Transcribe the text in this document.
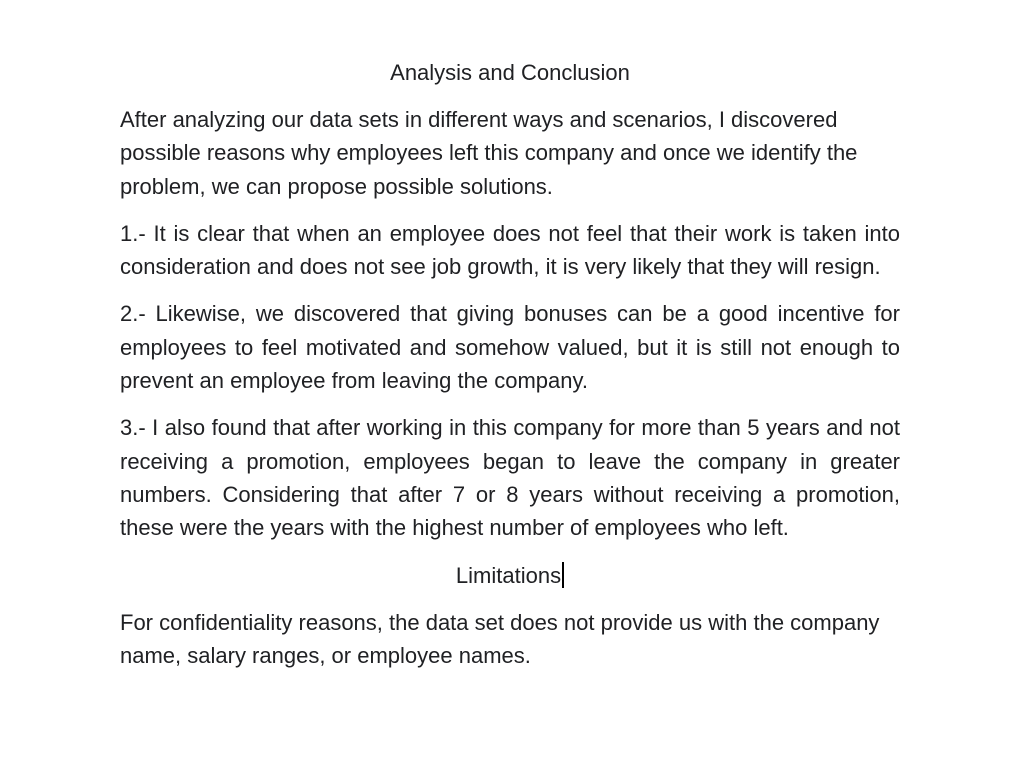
Analysis and Conclusion

After analyzing our data sets in different ways and scenarios, I discovered possible reasons why employees left this company and once we identify the problem, we can propose possible solutions.

1.- It is clear that when an employee does not feel that their work is taken into consideration and does not see job growth, it is very likely that they will resign.

2.- Likewise, we discovered that giving bonuses can be a good incentive for employees to feel motivated and somehow valued, but it is still not enough to prevent an employee from leaving the company.

3.- I also found that after working in this company for more than 5 years and not receiving a promotion, employees began to leave the company in greater numbers. Considering that after 7 or 8 years without receiving a promotion, these were the years with the highest number of employees who left.

Limitations

For confidentiality reasons, the data set does not provide us with the company name, salary ranges, or employee names.
